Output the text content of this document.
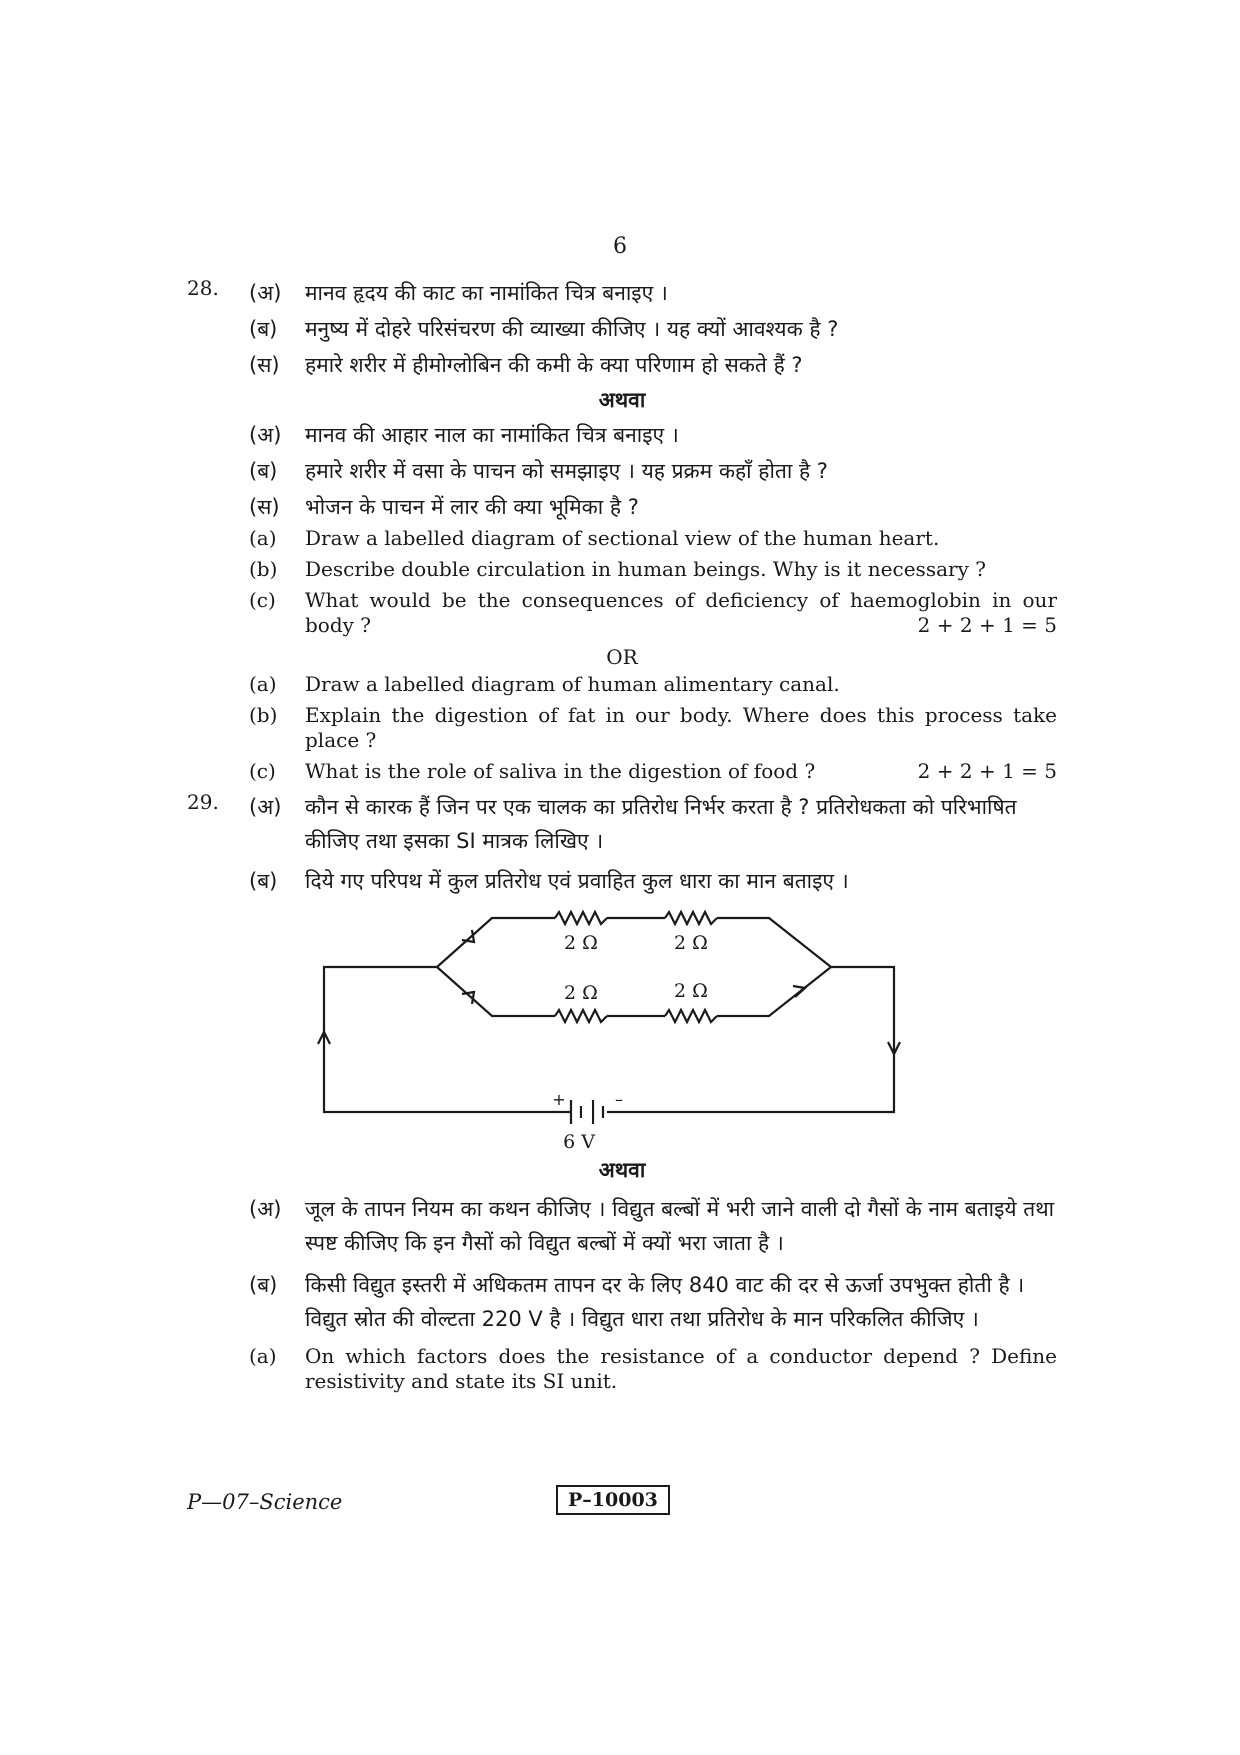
6
28. (अ) मानव हृदय की काट का नामांकित चित्र बनाइए ।
(ब) मनुष्य में दोहरे परिसंचरण की व्याख्या कीजिए । यह क्यों आवश्यक है ?
(स) हमारे शरीर में हीमोग्लोबिन की कमी के क्या परिणाम हो सकते हैं ?
अथवा
(अ) मानव की आहार नाल का नामांकित चित्र बनाइए ।
(ब) हमारे शरीर में वसा के पाचन को समझाइए । यह प्रक्रम कहाँ होता है ?
(स) भोजन के पाचन में लार की क्या भूमिका है ?
(a) Draw a labelled diagram of sectional view of the human heart.
(b) Describe double circulation in human beings. Why is it necessary ?
(c) What would be the consequences of deficiency of haemoglobin in our body ?	2 + 2 + 1 = 5
OR
(a) Draw a labelled diagram of human alimentary canal.
(b) Explain the digestion of fat in our body. Where does this process take place ?
(c) What is the role of saliva in the digestion of food ?	2 + 2 + 1 = 5
29. (अ) कौन से कारक हैं जिन पर एक चालक का प्रतिरोध निर्भर करता है ? प्रतिरोधकता को परिभाषित कीजिए तथा इसका SI मात्रक लिखिए ।
(ब) दिये गए परिपथ में कुल प्रतिरोध एवं प्रवाहित कुल धारा का मान बताइए ।
2 Ω	2 Ω
2 Ω	2 Ω
+	–
6 V
अथवा
(अ) जूल के तापन नियम का कथन कीजिए । विद्युत बल्बों में भरी जाने वाली दो गैसों के नाम बताइये तथा स्पष्ट कीजिए कि इन गैसों को विद्युत बल्बों में क्यों भरा जाता है ।
(ब) किसी विद्युत इस्तरी में अधिकतम तापन दर के लिए 840 वाट की दर से ऊर्जा उपभुक्त होती है । विद्युत स्रोत की वोल्टता 220 V है । विद्युत धारा तथा प्रतिरोध के मान परिकलित कीजिए ।
(a) On which factors does the resistance of a conductor depend ? Define resistivity and state its SI unit.
P—07–Science	P–10003
